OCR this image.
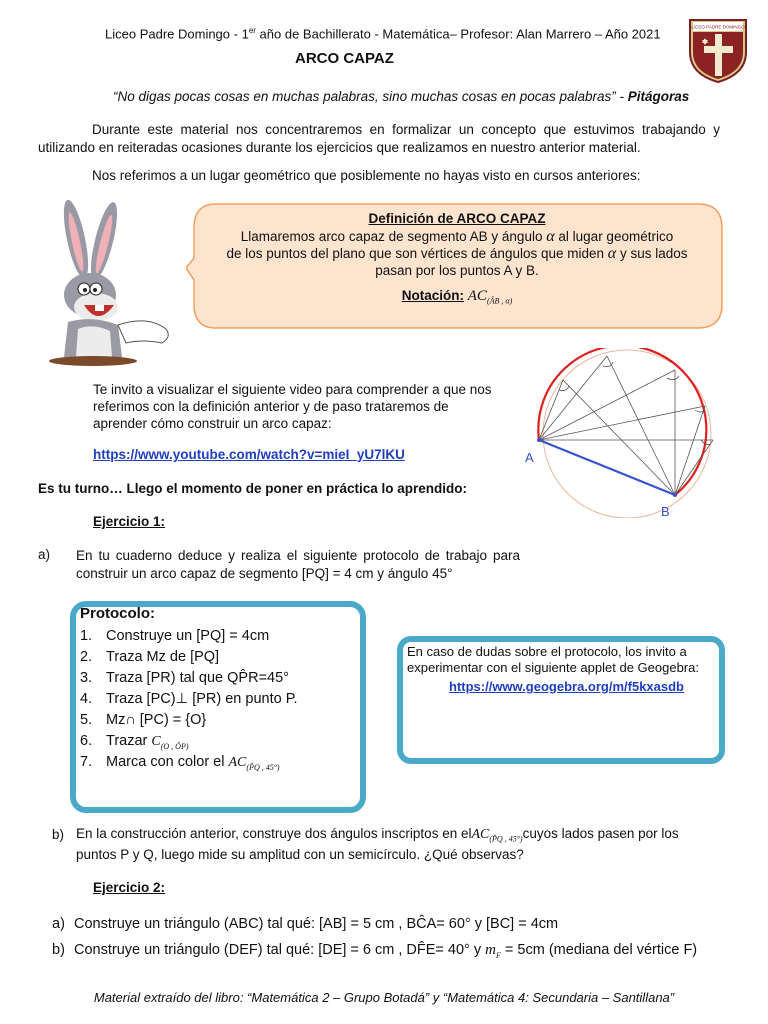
Liceo Padre Domingo - 1er año de Bachillerato - Matemática– Profesor: Alan Marrero – Año 2021
ARCO CAPAZ
LICEO PADRE DOMINGO
“No digas pocas cosas en muchas palabras, sino muchas cosas en pocas palabras” - Pitágoras
Durante este material nos concentraremos en formalizar un concepto que estuvimos trabajando y utilizando en reiteradas ocasiones durante los ejercicios que realizamos en nuestro anterior material.
Nos referimos a un lugar geométrico que posiblemente no hayas visto en cursos anteriores:
Definición de ARCO CAPAZ
Llamaremos arco capaz de segmento AB y ángulo α al lugar geométrico
de los puntos del plano que son vértices de ángulos que miden α y sus lados
pasan por los puntos A y B.
Notación: $AC_{(ÂB , \alpha)}$
Te invito a visualizar el siguiente video para comprender a que nos referimos con la definición anterior y de paso trataremos de aprender cómo construir un arco capaz:
https://www.youtube.com/watch?v=mieI_yU7lKU	A
B
Es tu turno… Llego el momento de poner en práctica lo aprendido:
Ejercicio 1:
a) En tu cuaderno deduce y realiza el siguiente protocolo de trabajo para construir un arco capaz de segmento [PQ] = 4 cm y ángulo 45°
Protocolo:
1. Construye un [PQ] = 4cm
2. Traza Mz de [PQ]
3. Traza [PR) tal que QP̂R=45°
4. Traza [PC)⊥ [PR) en punto P.
5. Mz∩ [PC) = {O}
6. Trazar $C_{(O , ÔP)}$
7. Marca con color el $AC_{(P̂Q , 45^\circ)}$
En caso de dudas sobre el protocolo, los invito a experimentar con el siguiente applet de Geogebra:
https://www.geogebra.org/m/f5kxasdb
b) En la construcción anterior, construye dos ángulos inscriptos en elAC$_{(P̂Q , 45^\circ)}$cuyos lados pasen por los
puntos P y Q, luego mide su amplitud con un semicírculo. ¿Qué observas?
Ejercicio 2:
a) Construye un triángulo (ABC) tal qué: [AB] = 5 cm , BĈA= 60° y [BC] = 4cm
b) Construye un triángulo (DEF) tal qué: [DE] = 6 cm , DF̂E= 40° y $m_F = 5cm$ (mediana del vértice F)
Material extraído del libro: “Matemática 2 – Grupo Botadá” y “Matemática 4: Secundaria – Santillana”
